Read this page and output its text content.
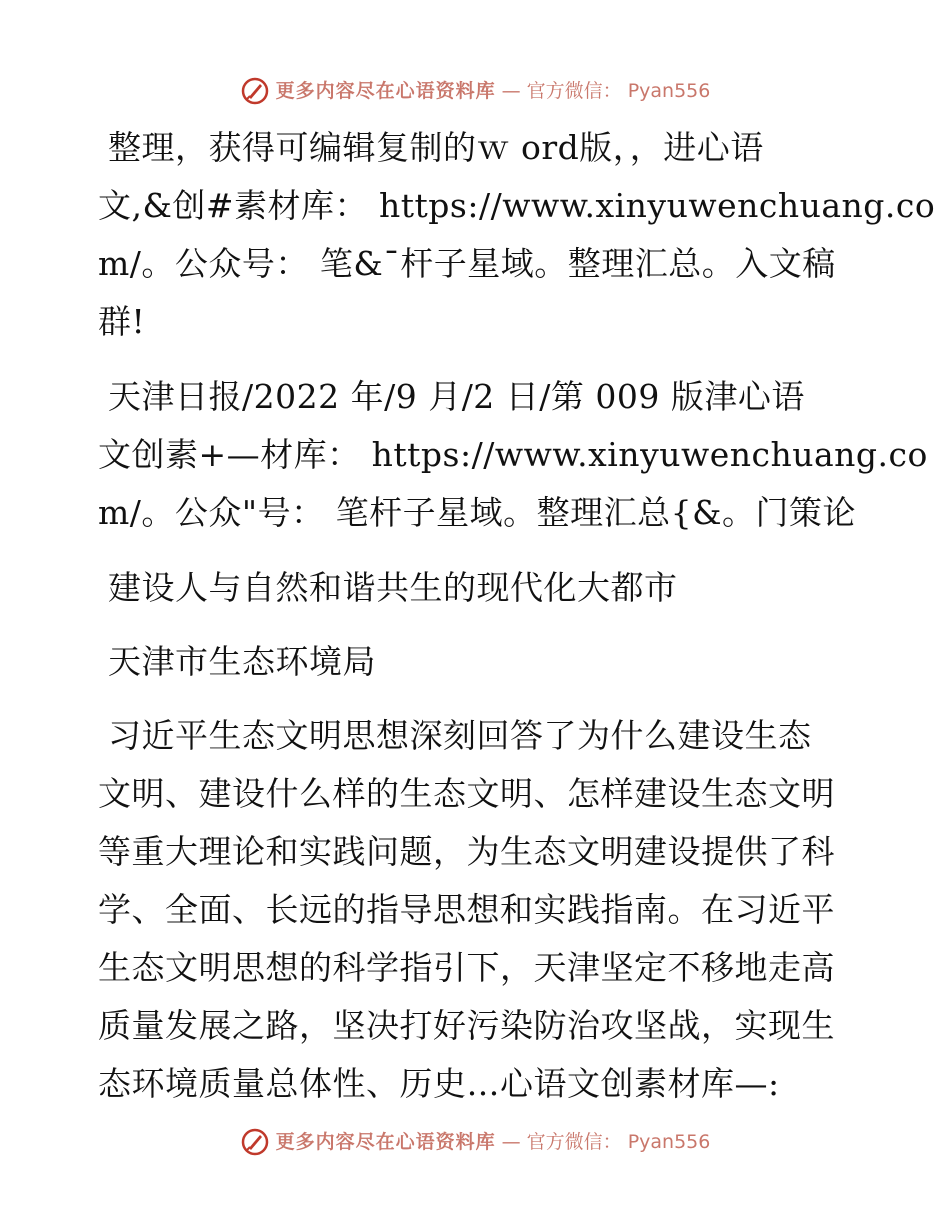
更多内容尽在心语资料库 — 官方微信： Pyan556
整理，获得可编辑复制的ｗ ord版，，进心语
文,&创#素材库： https://www.xinyuwenchuang.co
m/。公众号： 笔&¯杆子星域。整理汇总。入文稿
群!
天津日报/2022 年/9 月/2 日/第 009 版津心语
文创素+—材库： https://www.xinyuwenchuang.co
m/。公众"号： 笔杆子星域。整理汇总{&。门策论
建设人与自然和谐共生的现代化大都市
天津市生态环境局
习近平生态文明思想深刻回答了为什么建设生态
文明、建设什么样的生态文明、怎样建设生态文明
等重大理论和实践问题，为生态文明建设提供了科
学、全面、长远的指导思想和实践指南。在习近平
生态文明思想的科学指引下，天津坚定不移地走高
质量发展之路，坚决打好污染防治攻坚战，实现生
态环境质量总体性、历史…心语文创素材库—:
更多内容尽在心语资料库 — 官方微信： Pyan556
